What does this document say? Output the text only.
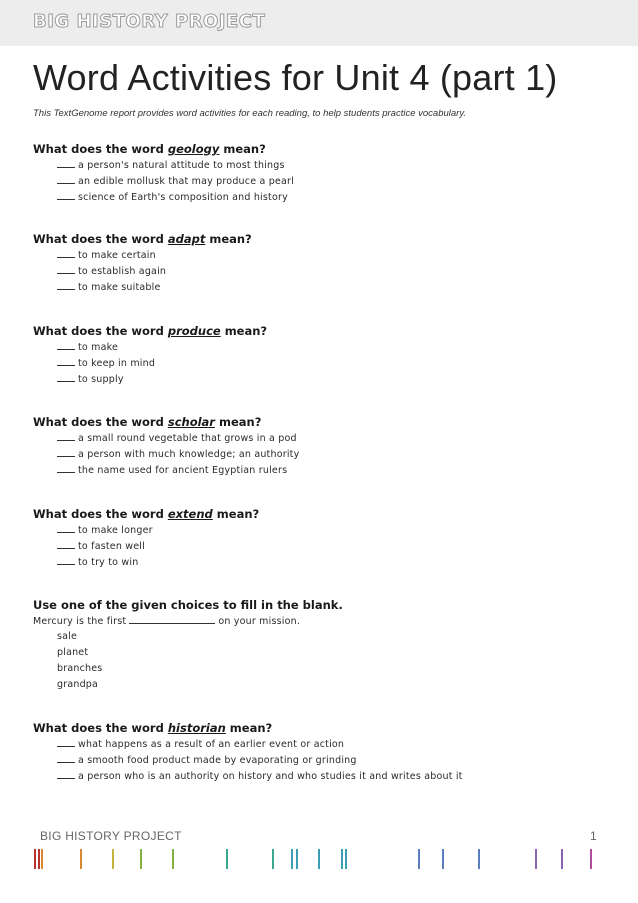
BIG HISTORY PROJECT
Word Activities for Unit 4 (part 1)
This TextGenome report provides word activities for each reading, to help students practice vocabulary.
What does the word geology mean?
a person's natural attitude to most things
an edible mollusk that may produce a pearl
science of Earth's composition and history
What does the word adapt mean?
to make certain
to establish again
to make suitable
What does the word produce mean?
to make
to keep in mind
to supply
What does the word scholar mean?
a small round vegetable that grows in a pod
a person with much knowledge; an authority
the name used for ancient Egyptian rulers
What does the word extend mean?
to make longer
to fasten well
to try to win
Use one of the given choices to fill in the blank.
Mercury is the first	on your mission.
sale
planet
branches
grandpa
What does the word historian mean?
what happens as a result of an earlier event or action
a smooth food product made by evaporating or grinding
a person who is an authority on history and who studies it and writes about it
BIG HISTORY PROJECT	1
